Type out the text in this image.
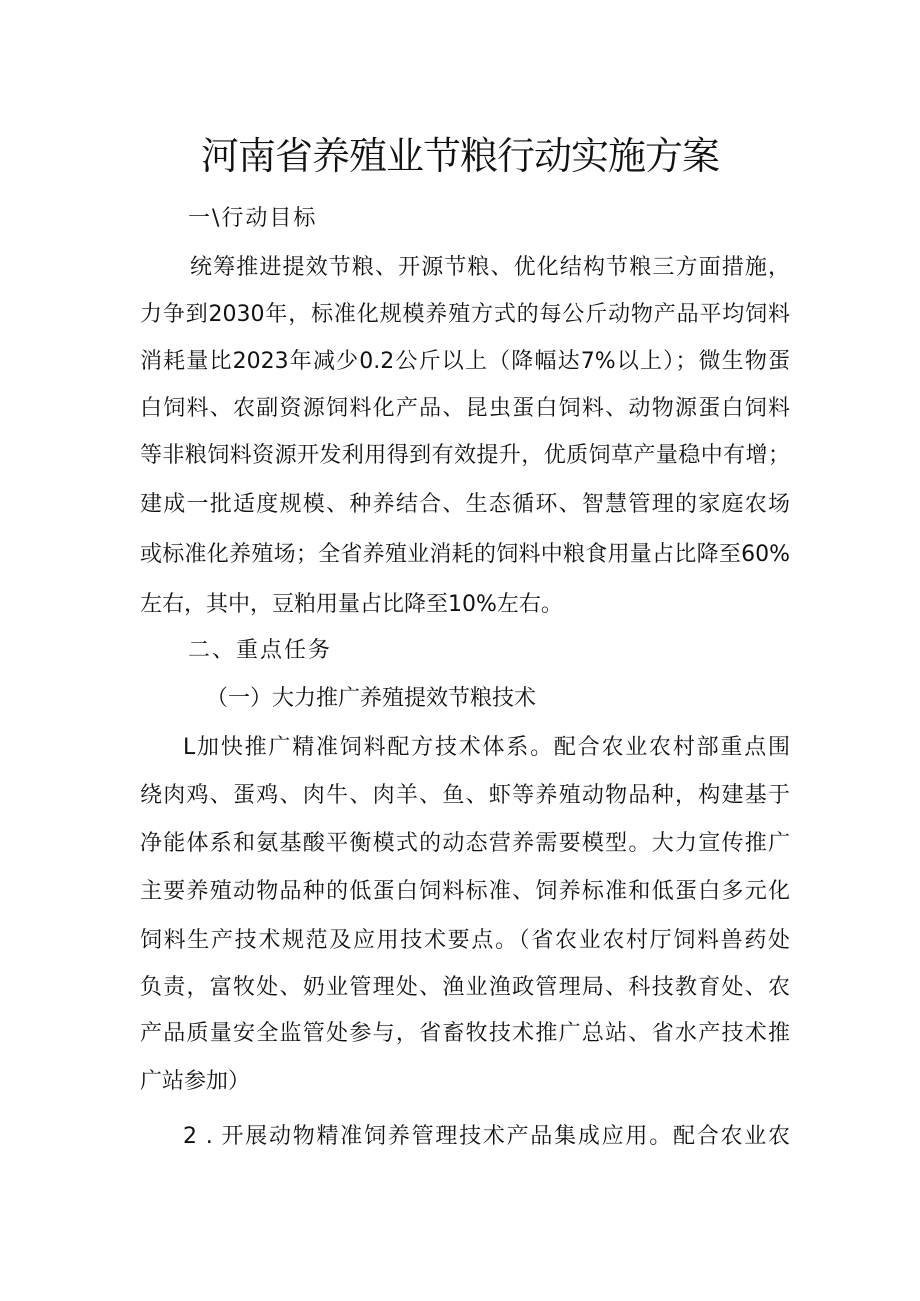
河南省养殖业节粮行动实施方案

一\行动目标

统筹推进提效节粮、开源节粮、优化结构节粮三方面措施，

力争到2030年，标准化规模养殖方式的每公斤动物产品平均饲料

消耗量比2023年减少0.2公斤以上（降幅达7%以上）；微生物蛋

白饲料、农副资源饲料化产品、昆虫蛋白饲料、动物源蛋白饲料

等非粮饲料资源开发利用得到有效提升，优质饲草产量稳中有增；

建成一批适度规模、种养结合、生态循环、智慧管理的家庭农场

或标准化养殖场；全省养殖业消耗的饲料中粮食用量占比降至60%

左右，其中，豆粕用量占比降至10%左右。

二、重点任务

（一）大力推广养殖提效节粮技术

L加快推广精准饲料配方技术体系。配合农业农村部重点围

绕肉鸡、蛋鸡、肉牛、肉羊、鱼、虾等养殖动物品种，构建基于

净能体系和氨基酸平衡模式的动态营养需要模型。大力宣传推广

主要养殖动物品种的低蛋白饲料标准、饲养标准和低蛋白多元化

饲料生产技术规范及应用技术要点。（省农业农村厅饲料兽药处

负责，富牧处、奶业管理处、渔业渔政管理局、科技教育处、农

产品质量安全监管处参与，省畜牧技术推广总站、省水产技术推

广站参加）

2 . 开展动物精准饲养管理技术产品集成应用。配合农业农
